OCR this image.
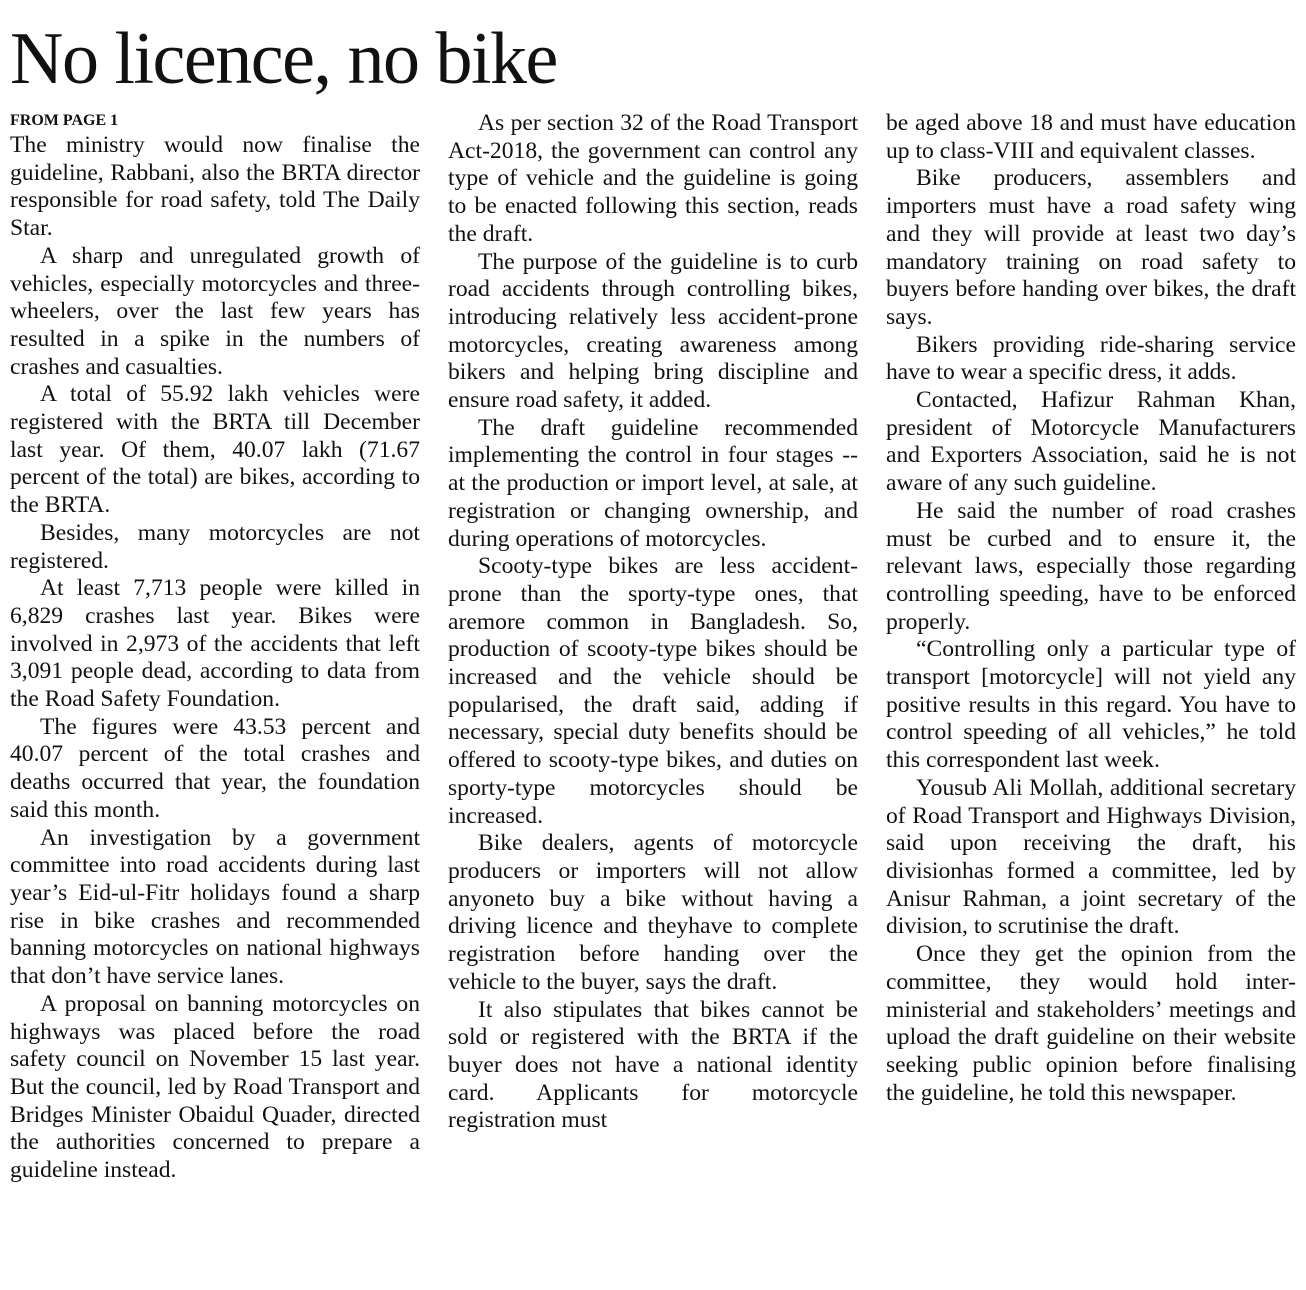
No licence, no bike
FROM PAGE 1

The ministry would now finalise the guideline, Rabbani, also the BRTA director responsible for road safety, told The Daily Star.

A sharp and unregulated growth of vehicles, especially motorcycles and three-wheelers, over the last few years has resulted in a spike in the numbers of crashes and casualties.

A total of 55.92 lakh vehicles were registered with the BRTA till December last year. Of them, 40.07 lakh (71.67 percent of the total) are bikes, according to the BRTA.

Besides, many motorcycles are not registered.

At least 7,713 people were killed in 6,829 crashes last year. Bikes were involved in 2,973 of the accidents that left 3,091 people dead, according to data from the Road Safety Foundation.

The figures were 43.53 percent and 40.07 percent of the total crashes and deaths occurred that year, the foundation said this month.

An investigation by a government committee into road accidents during last year’s Eid-ul-Fitr holidays found a sharp rise in bike crashes and recommended banning motorcycles on national highways that don’t have service lanes.

A proposal on banning motorcycles on highways was placed before the road safety council on November 15 last year. But the council, led by Road Transport and Bridges Minister Obaidul Quader, directed the authorities concerned to prepare a guideline instead.

As per section 32 of the Road Transport Act-2018, the government can control any type of vehicle and the guideline is going to be enacted following this section, reads the draft.

The purpose of the guideline is to curb road accidents through controlling bikes, introducing relatively less accident-prone motorcycles, creating awareness among bikers and helping bring discipline and ensure road safety, it added.

The draft guideline recommended implementing the control in four stages -- at the production or import level, at sale, at registration or changing ownership, and during operations of motorcycles.

Scooty-type bikes are less accident-prone than the sporty-type ones, that aremore common in Bangladesh. So, production of scooty-type bikes should be increased and the vehicle should be popularised, the draft said, adding if necessary, special duty benefits should be offered to scooty-type bikes, and duties on sporty-type motorcycles should be increased.

Bike dealers, agents of motorcycle producers or importers will not allow anyoneto buy a bike without having a driving licence and theyhave to complete registration before handing over the vehicle to the buyer, says the draft.

It also stipulates that bikes cannot be sold or registered with the BRTA if the buyer does not have a national identity card. Applicants for motorcycle registration must

be aged above 18 and must have education up to class-VIII and equivalent classes.

Bike producers, assemblers and importers must have a road safety wing and they will provide at least two day’s mandatory training on road safety to buyers before handing over bikes, the draft says.

Bikers providing ride-sharing service have to wear a specific dress, it adds.

Contacted, Hafizur Rahman Khan, president of Motorcycle Manufacturers and Exporters Association, said he is not aware of any such guideline.

He said the number of road crashes must be curbed and to ensure it, the relevant laws, especially those regarding controlling speeding, have to be enforced properly.

“Controlling only a particular type of transport [motorcycle] will not yield any positive results in this regard. You have to control speeding of all vehicles,” he told this correspondent last week.

Yousub Ali Mollah, additional secretary of Road Transport and Highways Division, said upon receiving the draft, his divisionhas formed a committee, led by Anisur Rahman, a joint secretary of the division, to scrutinise the draft.

Once they get the opinion from the committee, they would hold inter-ministerial and stakeholders’ meetings and upload the draft guideline on their website seeking public opinion before finalising the guideline, he told this newspaper.
